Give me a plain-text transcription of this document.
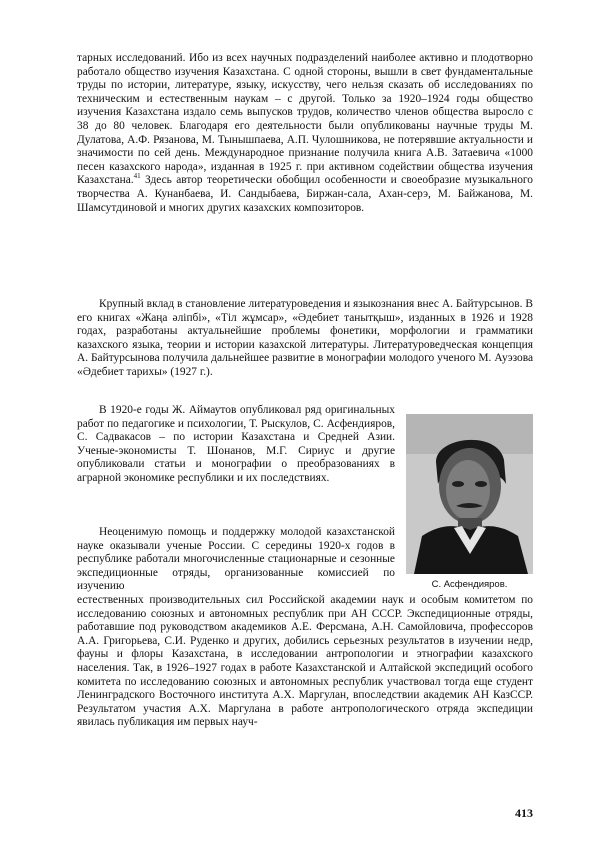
тарных исследований. Ибо из всех научных подразделений наиболее активно и плодотворно работало общество изучения Казахстана. С одной стороны, вышли в свет фундаментальные труды по истории, литературе, языку, искусству, чего нельзя сказать об исследованиях по техническим и естественным наукам – с другой. Только за 1920–1924 годы общество изучения Казахстана издало семь выпусков трудов, количество членов общества выросло с 38 до 80 человек. Благодаря его деятельности были опубликованы научные труды М. Дулатова, А.Ф. Рязанова, М. Тынышпаева, А.П. Чулошникова, не потерявшие актуальности и значимости по сей день. Международное признание получила книга А.В. Затаевича «1000 песен казахского народа», изданная в 1925 г. при активном содействии общества изучения Казахстана.$^{41}$ Здесь автор теоретически обобщил особенности и своеобразие музыкального творчества А. Кунанбаева, И. Сандыбаева, Биржан-сала, Ахан-серэ, М. Байжанова, М. Шамсутдиновой и многих других казахских композиторов.

Крупный вклад в становление литературоведения и языкознания внес А. Байтурсынов. В его книгах «Жаңа әліпбі», «Тіл жұмсар», «Әдебиет танытқыш», изданных в 1926 и 1928 годах, разработаны актуальнейшие проблемы фонетики, морфологии и грамматики казахского языка, теории и истории казахской литературы. Литературоведческая концепция А. Байтурсынова получила дальнейшее развитие в монографии молодого ученого М. Ауэзова «Әдебиет тарихы» (1927 г.).

В 1920-е годы Ж. Аймаутов опубликовал ряд оригинальных работ по педагогике и психологии, Т. Рыскулов, С. Асфендияров, С. Садвакасов – по истории Казахстана и Средней Азии. Ученые-экономисты Т. Шонанов, М.Г. Сириус и другие опубликовали статьи и монографии о преобразованиях в аграрной экономике республики и их последствиях.

Неоценимую помощь и поддержку молодой казахстанской науке оказывали ученые России. С середины 1920-х годов в республике работали многочисленные стационарные и сезонные экспедиционные отряды, организованные комиссией по изучению

естественных производительных сил Российской академии наук и особым комитетом по исследованию союзных и автономных республик при АН СССР. Экспедиционные отряды, работавшие под руководством академиков А.Е. Ферсмана, А.Н. Самойловича, профессоров А.А. Григорьева, С.И. Руденко и других, добились серьезных результатов в изучении недр, фауны и флоры Казахстана, в исследовании антропологии и этнографии казахского населения. Так, в 1926–1927 годах в работе Казахстанской и Алтайской экспедиций особого комитета по исследованию союзных и автономных республик участвовал тогда еще студент Ленинградского Восточного института А.Х. Маргулан, впоследствии академик АН КазССР. Результатом участия А.Х. Маргулана в работе антропологического отряда экспедиции явилась публикация им первых науч-

С. Асфендияров.
413
